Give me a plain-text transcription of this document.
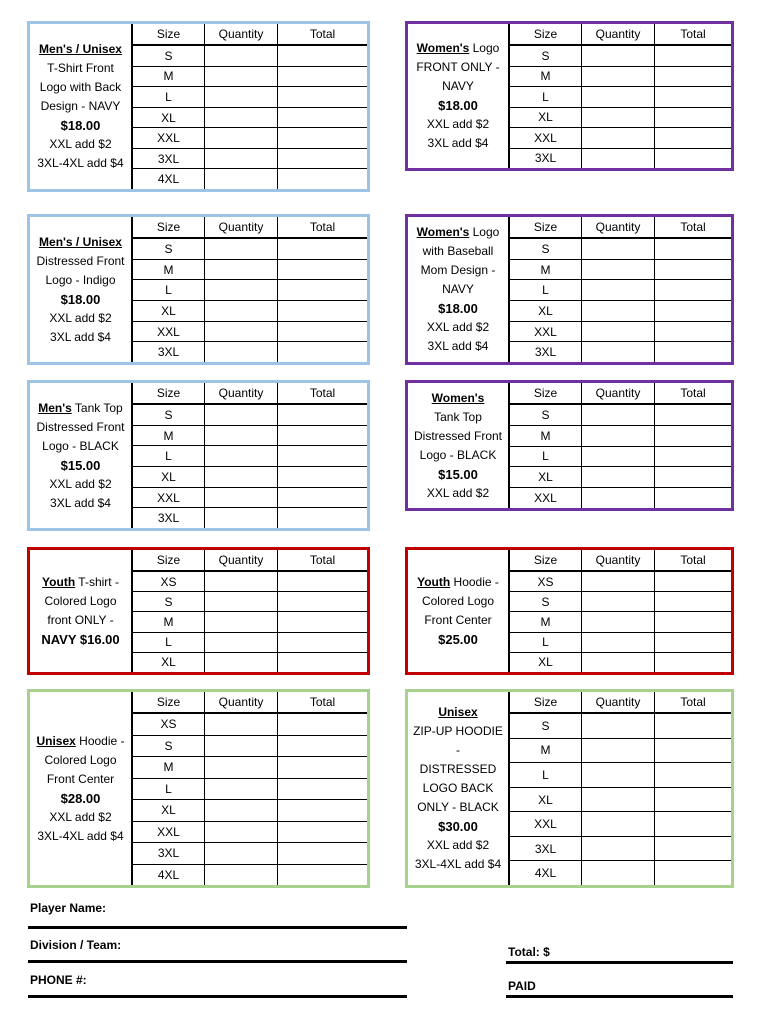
Men's / Unisex
T-Shirt Front
Logo with Back
Design - NAVY
$18.00
XXL add $2
3XL-4XL add $4
Size	Quantity	Total
S
M
L
XL
XXL
3XL
4XL
Women's Logo
FRONT ONLY -
NAVY
$18.00
XXL add $2
3XL add $4
Size	Quantity	Total
S
M
L
XL
XXL
3XL
Men's / Unisex
Distressed Front
Logo - Indigo
$18.00
XXL add $2
3XL add $4
Size	Quantity	Total
S
M
L
XL
XXL
3XL
Women's Logo
with Baseball
Mom Design -
NAVY
$18.00
XXL add $2
3XL add $4
Size	Quantity	Total
S
M
L
XL
XXL
3XL
Men's Tank Top
Distressed Front
Logo - BLACK
$15.00
XXL add $2
3XL add $4
Size	Quantity	Total
S
M
L
XL
XXL
3XL
Women's
Tank Top
Distressed Front
Logo - BLACK
$15.00
XXL add $2
Size	Quantity	Total
S
M
L
XL
XXL
Youth T-shirt -
Colored Logo
front ONLY -
NAVY $16.00
Size	Quantity	Total
XS
S
M
L
XL
Youth Hoodie -
Colored Logo
Front Center
$25.00
Size	Quantity	Total
XS
S
M
L
XL
Unisex Hoodie -
Colored Logo
Front Center
$28.00
XXL add $2
3XL-4XL add $4
Size	Quantity	Total
XS
S
M
L
XL
XXL
3XL
4XL
Unisex
ZIP-UP HOODIE -
DISTRESSED
LOGO BACK
ONLY - BLACK
$30.00
XXL add $2
3XL-4XL add $4
Size	Quantity	Total
S
M
L
XL
XXL
3XL
4XL
Player Name:
Division / Team:
PHONE #:
Total: $
PAID
